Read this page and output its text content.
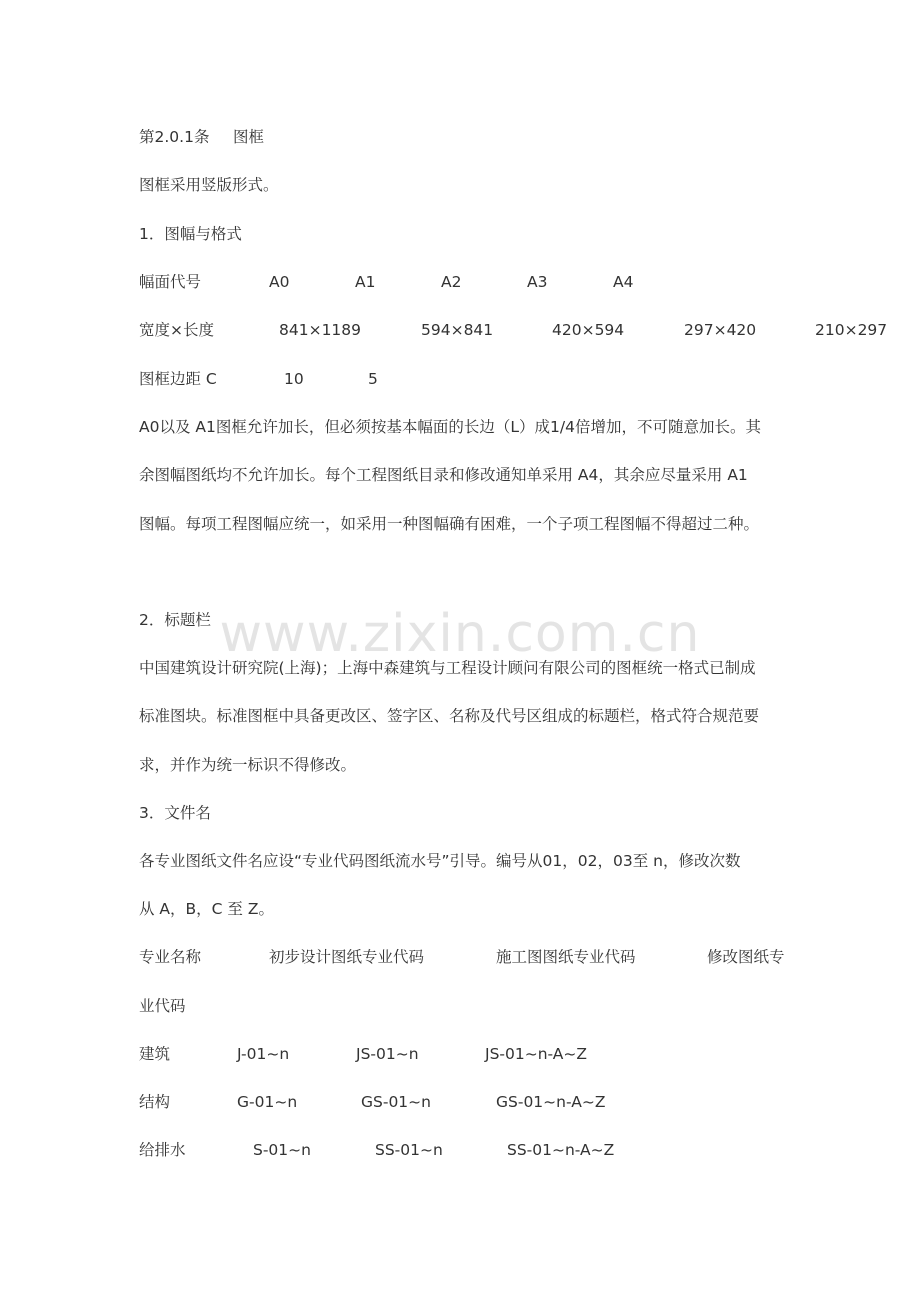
www.zixin.com.cn
第2.0.1条 图框
图框采用竖版形式。
1．图幅与格式
幅面代号	A0	A1	A2	A3	A4
宽度×长度	841×1189	594×841	420×594	297×420	210×297
图框边距 C	10	5
A0以及 A1图框允许加长，但必须按基本幅面的长边（L）成1/4倍增加，不可随意加长。其
余图幅图纸均不允许加长。每个工程图纸目录和修改通知单采用 A4，其余应尽量采用 A1
图幅。每项工程图幅应统一，如采用一种图幅确有困难，一个子项工程图幅不得超过二种。
2．标题栏
中国建筑设计研究院(上海)；上海中森建筑与工程设计顾问有限公司的图框统一格式已制成
标准图块。标准图框中具备更改区、签字区、名称及代号区组成的标题栏，格式符合规范要
求，并作为统一标识不得修改。
3．文件名
各专业图纸文件名应设“专业代码图纸流水号”引导。编号从01，02，03至 n，修改次数
从 A，B，C 至 Z。
专业名称	初步设计图纸专业代码	施工图图纸专业代码	修改图纸专
业代码
建筑	J-01~n	JS-01~n	JS-01~n-A~Z
结构	G-01~n	GS-01~n	GS-01~n-A~Z
给排水	S-01~n	SS-01~n	SS-01~n-A~Z
